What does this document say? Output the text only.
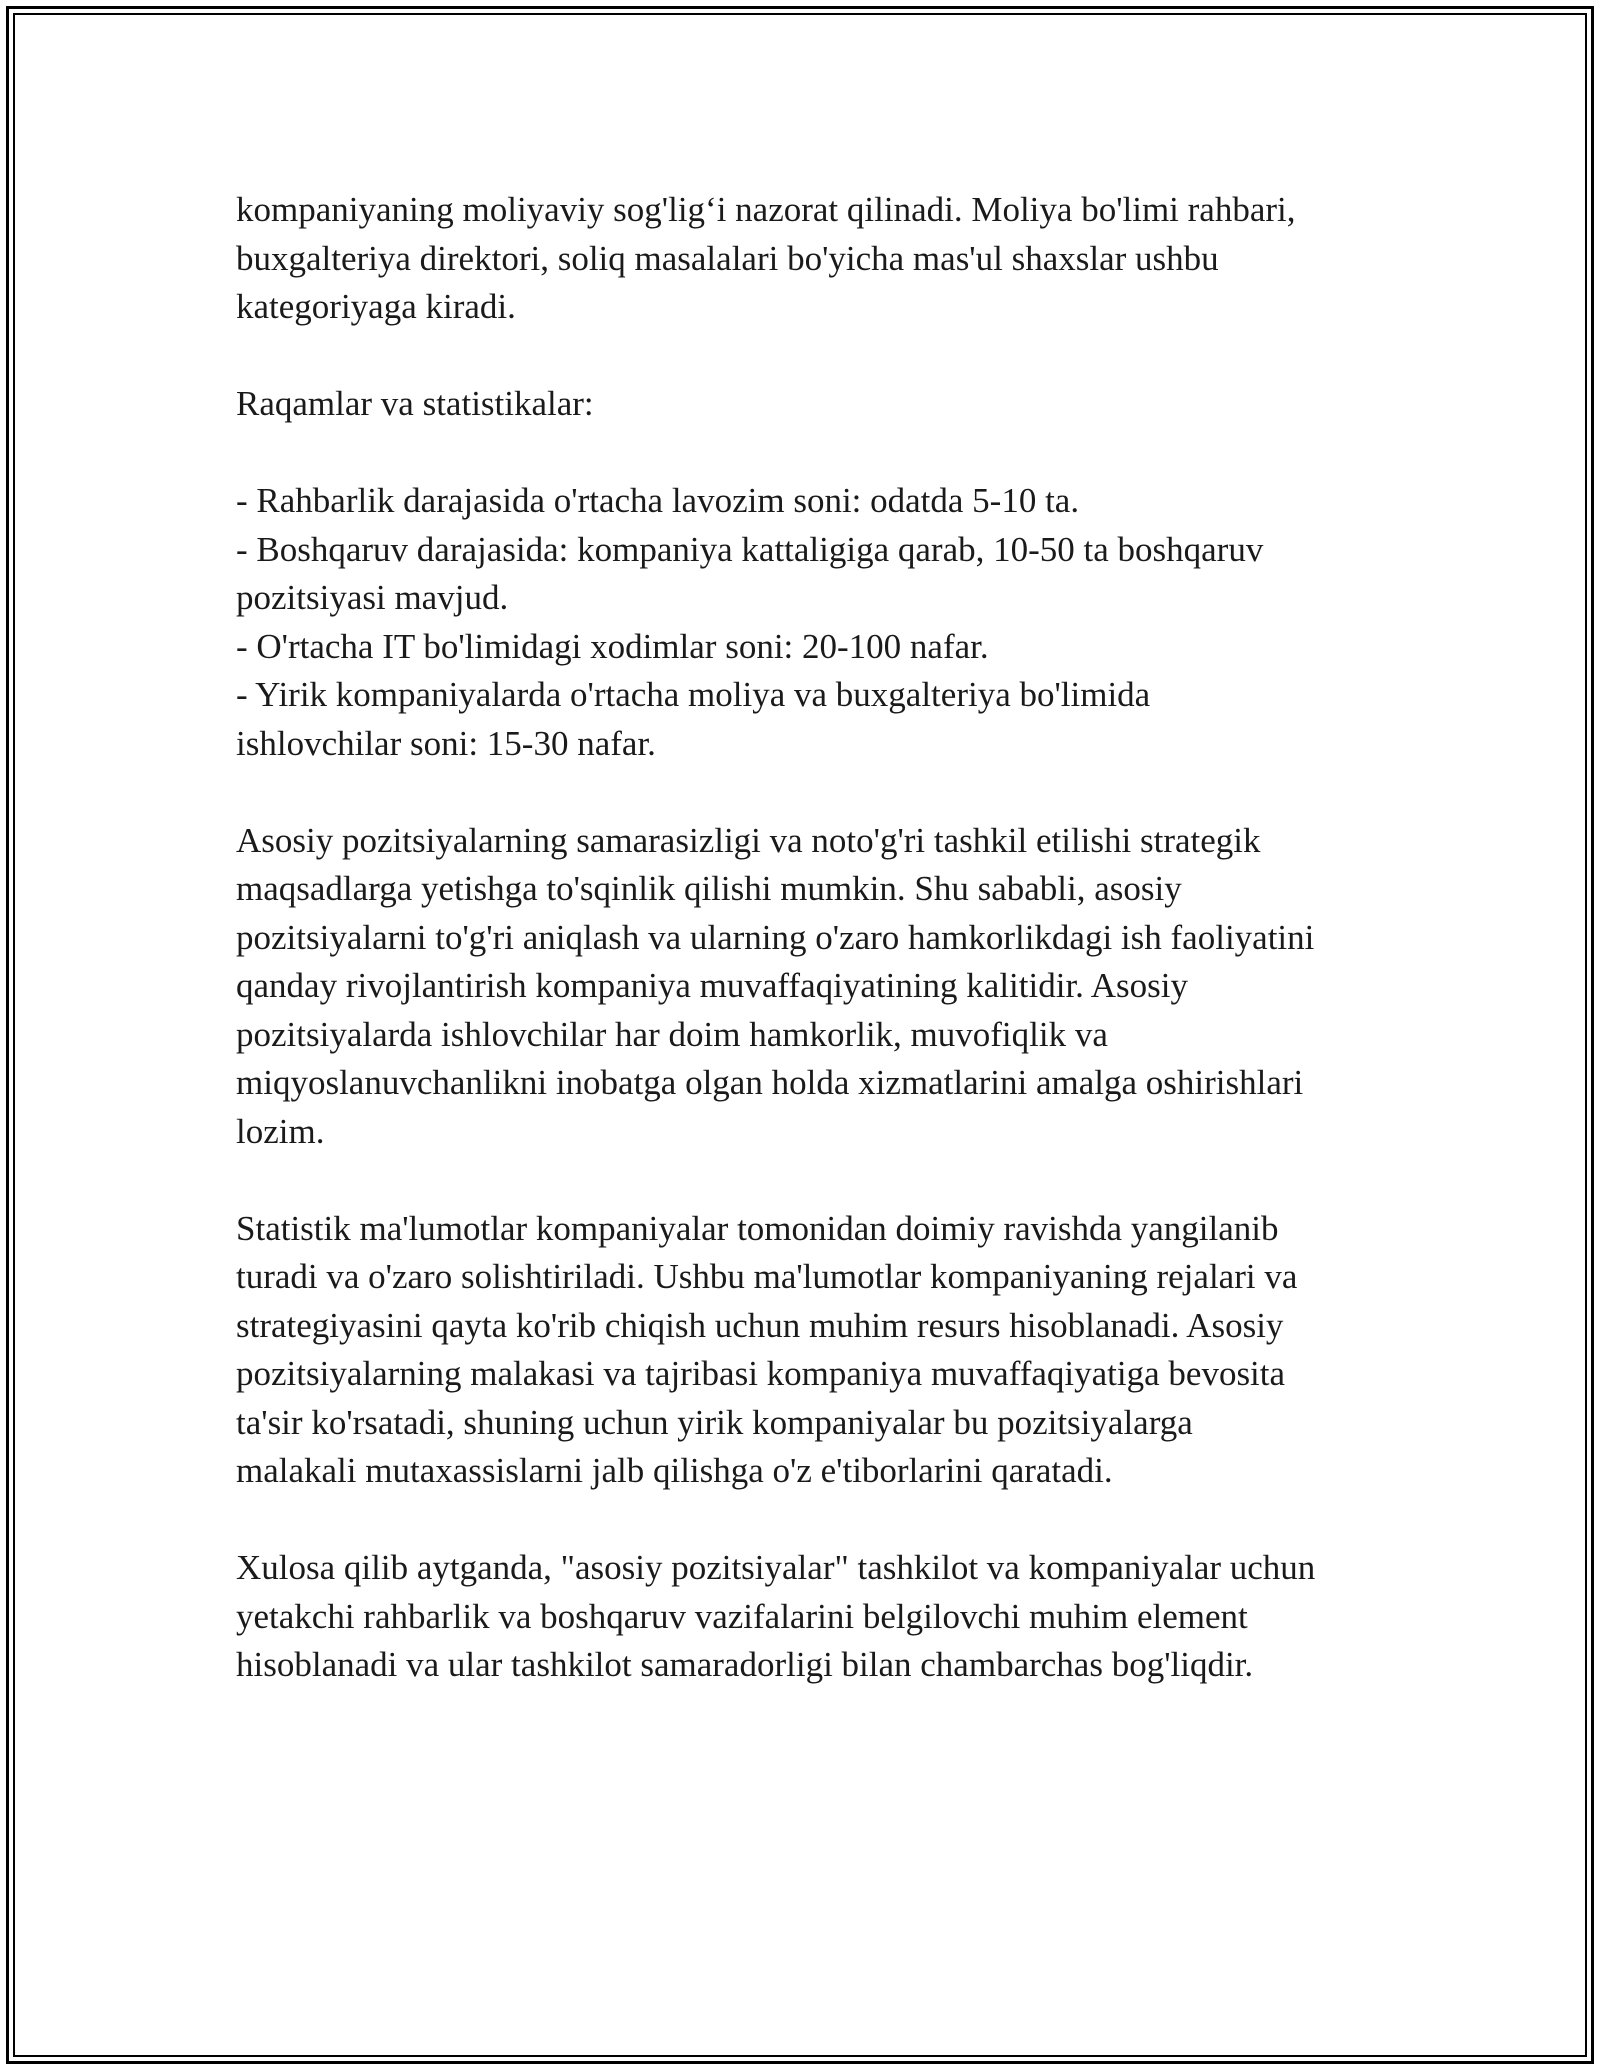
kompaniyaning moliyaviy sog'lig‘i nazorat qilinadi. Moliya bo'limi rahbari,
buxgalteriya direktori, soliq masalalari bo'yicha mas'ul shaxslar ushbu
kategoriyaga kiradi.

Raqamlar va statistikalar:

- Rahbarlik darajasida o'rtacha lavozim soni: odatda 5-10 ta.
- Boshqaruv darajasida: kompaniya kattaligiga qarab, 10-50 ta boshqaruv
pozitsiyasi mavjud.
- O'rtacha IT bo'limidagi xodimlar soni: 20-100 nafar.
- Yirik kompaniyalarda o'rtacha moliya va buxgalteriya bo'limida
ishlovchilar soni: 15-30 nafar.

Asosiy pozitsiyalarning samarasizligi va noto'g'ri tashkil etilishi strategik
maqsadlarga yetishga to'sqinlik qilishi mumkin. Shu sababli, asosiy
pozitsiyalarni to'g'ri aniqlash va ularning o'zaro hamkorlikdagi ish faoliyatini
qanday rivojlantirish kompaniya muvaffaqiyatining kalitidir. Asosiy
pozitsiyalarda ishlovchilar har doim hamkorlik, muvofiqlik va
miqyoslanuvchanlikni inobatga olgan holda xizmatlarini amalga oshirishlari
lozim.

Statistik ma'lumotlar kompaniyalar tomonidan doimiy ravishda yangilanib
turadi va o'zaro solishtiriladi. Ushbu ma'lumotlar kompaniyaning rejalari va
strategiyasini qayta ko'rib chiqish uchun muhim resurs hisoblanadi. Asosiy
pozitsiyalarning malakasi va tajribasi kompaniya muvaffaqiyatiga bevosita
ta'sir ko'rsatadi, shuning uchun yirik kompaniyalar bu pozitsiyalarga
malakali mutaxassislarni jalb qilishga o'z e'tiborlarini qaratadi.

Xulosa qilib aytganda, "asosiy pozitsiyalar" tashkilot va kompaniyalar uchun
yetakchi rahbarlik va boshqaruv vazifalarini belgilovchi muhim element
hisoblanadi va ular tashkilot samaradorligi bilan chambarchas bog'liqdir.
